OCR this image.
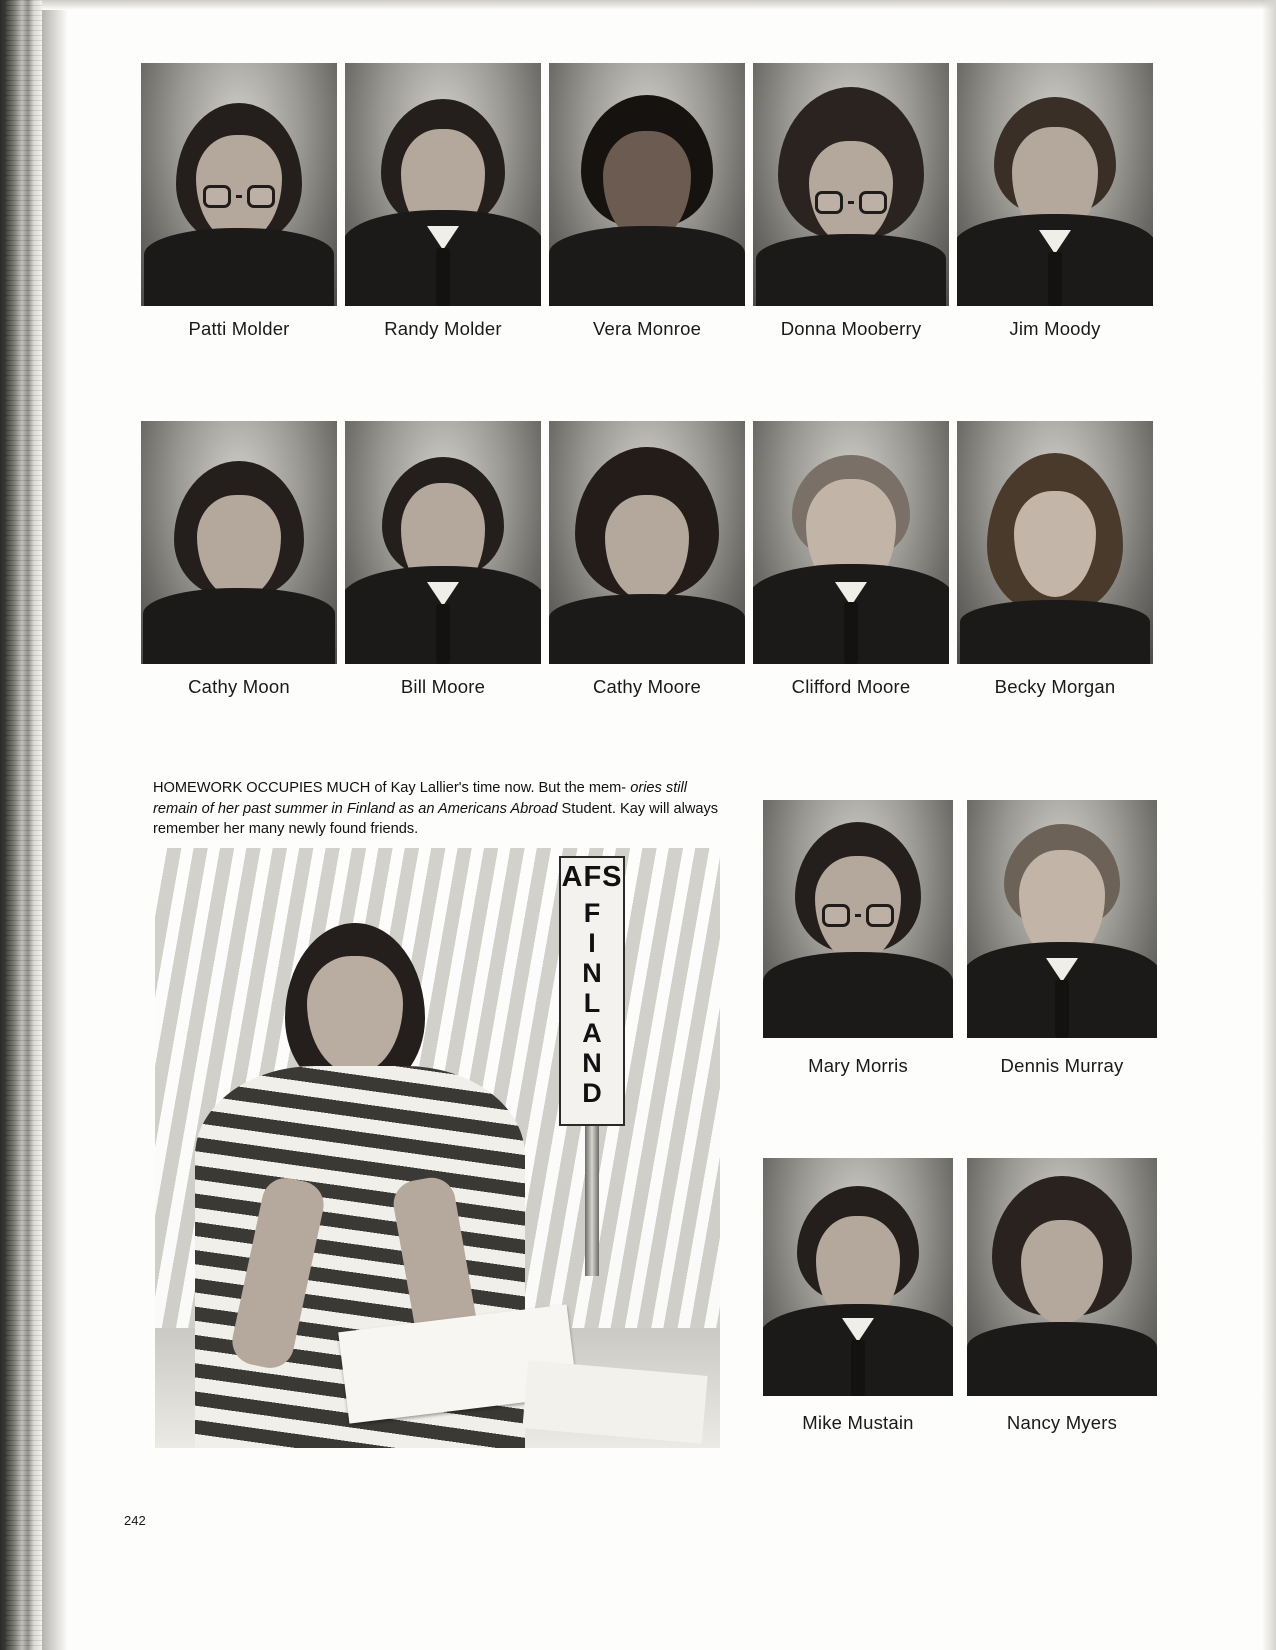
Patti Molder	Randy Molder	Vera Monroe	Donna Mooberry	Jim Moody
Cathy Moon	Bill Moore	Cathy Moore	Clifford Moore	Becky Morgan
HOMEWORK OCCUPIES MUCH of Kay Lallier's time now. But the mem- ories still remain of her past summer in Finland as an Americans Abroad Student. Kay will always remember her many newly found friends.
AFS
F
I
N
L
A
N
D
Mary Morris	Dennis Murray
Mike Mustain	Nancy Myers
242
